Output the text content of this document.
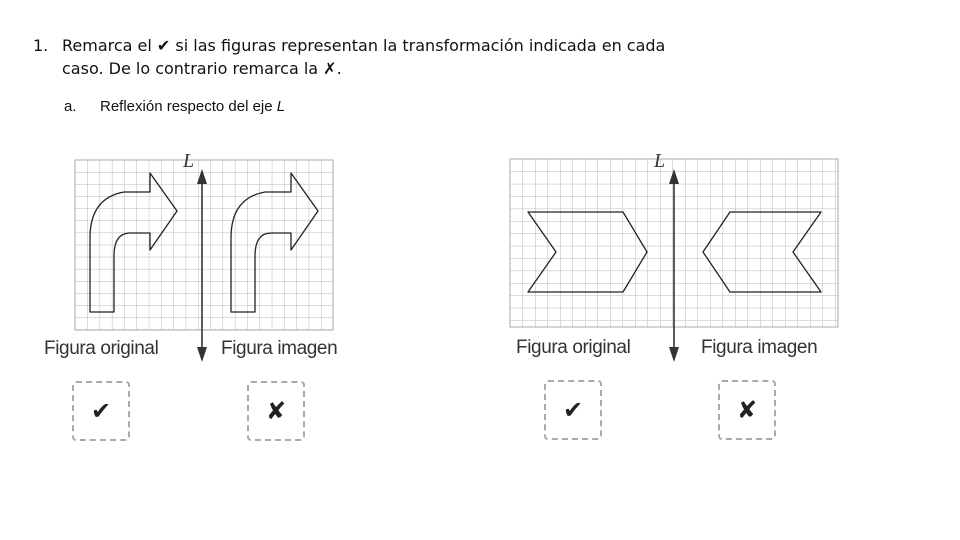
1. Remarca el ✔ si las figuras representan la transformación indicada en cada
caso. De lo contrario remarca la ✗.
a. Reflexión respecto del eje L
L
Figura original	Figura imagen
✔	✘
L
Figura original	Figura imagen
✔	✘
